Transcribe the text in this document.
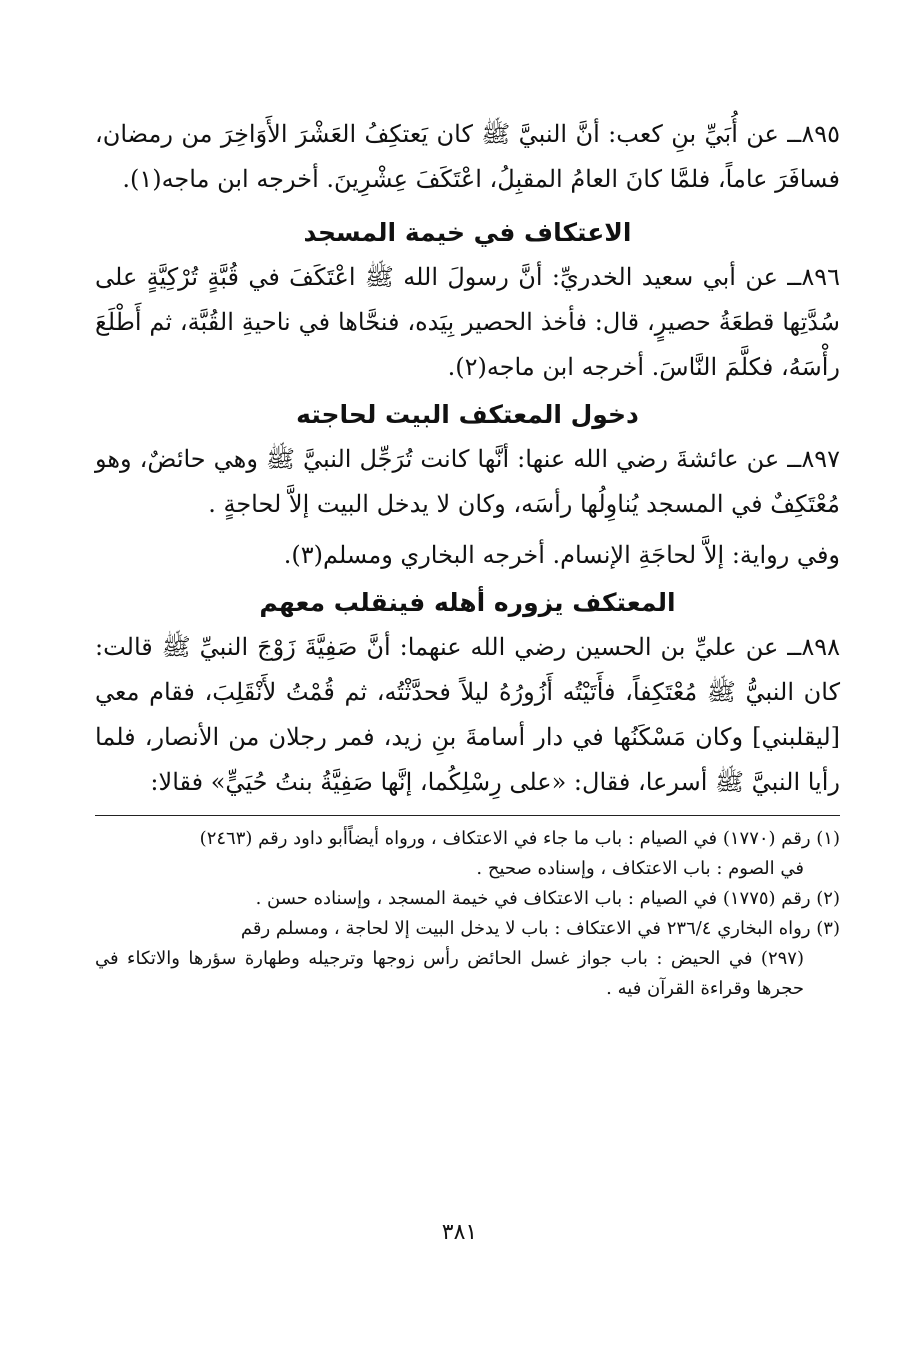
٨٩٥ــ عن أُبَيِّ بنِ كعب: أنَّ النبيَّ ﷺ كان يَعتكِفُ العَشْرَ الأَوَاخِرَ من رمضان، فسافَرَ عاماً، فلمَّا كانَ العامُ المقبِلُ، اعْتَكَفَ عِشْرِينَ. أخرجه ابن ماجه(١).

الاعتكاف في خيمة المسجد

٨٩٦ــ عن أبي سعيد الخدريِّ: أنَّ رسولَ الله ﷺ اعْتَكَفَ في قُبَّةٍ تُرْكِيَّةٍ على سُدَّتِها قطعَةُ حصيرٍ، قال: فأخذ الحصير بِيَده، فنحَّاها في ناحيةِ القُبَّة، ثم أَطْلَعَ رأْسَهُ، فكلَّمَ النَّاسَ. أخرجه ابن ماجه(٢).

دخول المعتكف البيت لحاجته

٨٩٧ــ عن عائشةَ رضي الله عنها: أنَّها كانت تُرَجِّل النبيَّ ﷺ وهي حائضٌ، وهو مُعْتَكِفٌ في المسجد يُناوِلُها رأسَه، وكان لا يدخل البيت إلاَّ لحاجةٍ .

وفي رواية: إلاَّ لحاجَةِ الإنسام. أخرجه البخاري ومسلم(٣).

المعتكف يزوره أهله فينقلب معهم

٨٩٨ــ عن عليِّ بن الحسين رضي الله عنهما: أنَّ صَفِيَّةَ زَوْجَ النبيِّ ﷺ قالت: كان النبيُّ ﷺ مُعْتَكِفاً، فأَتَيْتُه أَزُورُهُ ليلاً فحدَّثْتُه، ثم قُمْتُ لأَنْقَلِبَ، فقام معي [ليقلبني] وكان مَسْكَنُها في دار أسامةَ بنِ زيد، فمر رجلان من الأنصار، فلما رأيا النبيَّ ﷺ أسرعا، فقال: «على رِسْلِكُما، إنَّها صَفِيَّةُ بنتُ حُيَيٍّ» فقالا:

(١) رقم (١٧٧٠) في الصيام : باب ما جاء في الاعتكاف ، ورواه أيضاًأبو داود رقم (٢٤٦٣)

في الصوم : باب الاعتكاف ، وإسناده صحيح .

(٢) رقم (١٧٧٥) في الصيام : باب الاعتكاف في خيمة المسجد ، وإسناده حسن .

(٣) رواه البخاري ٢٣٦/٤ في الاعتكاف : باب لا يدخل البيت إلا لحاجة ، ومسلم رقم

(٢٩٧) في الحيض : باب جواز غسل الحائض رأس زوجها وترجيله وطهارة سؤرها والاتكاء في حجرها وقراءة القرآن فيه .

٣٨١
